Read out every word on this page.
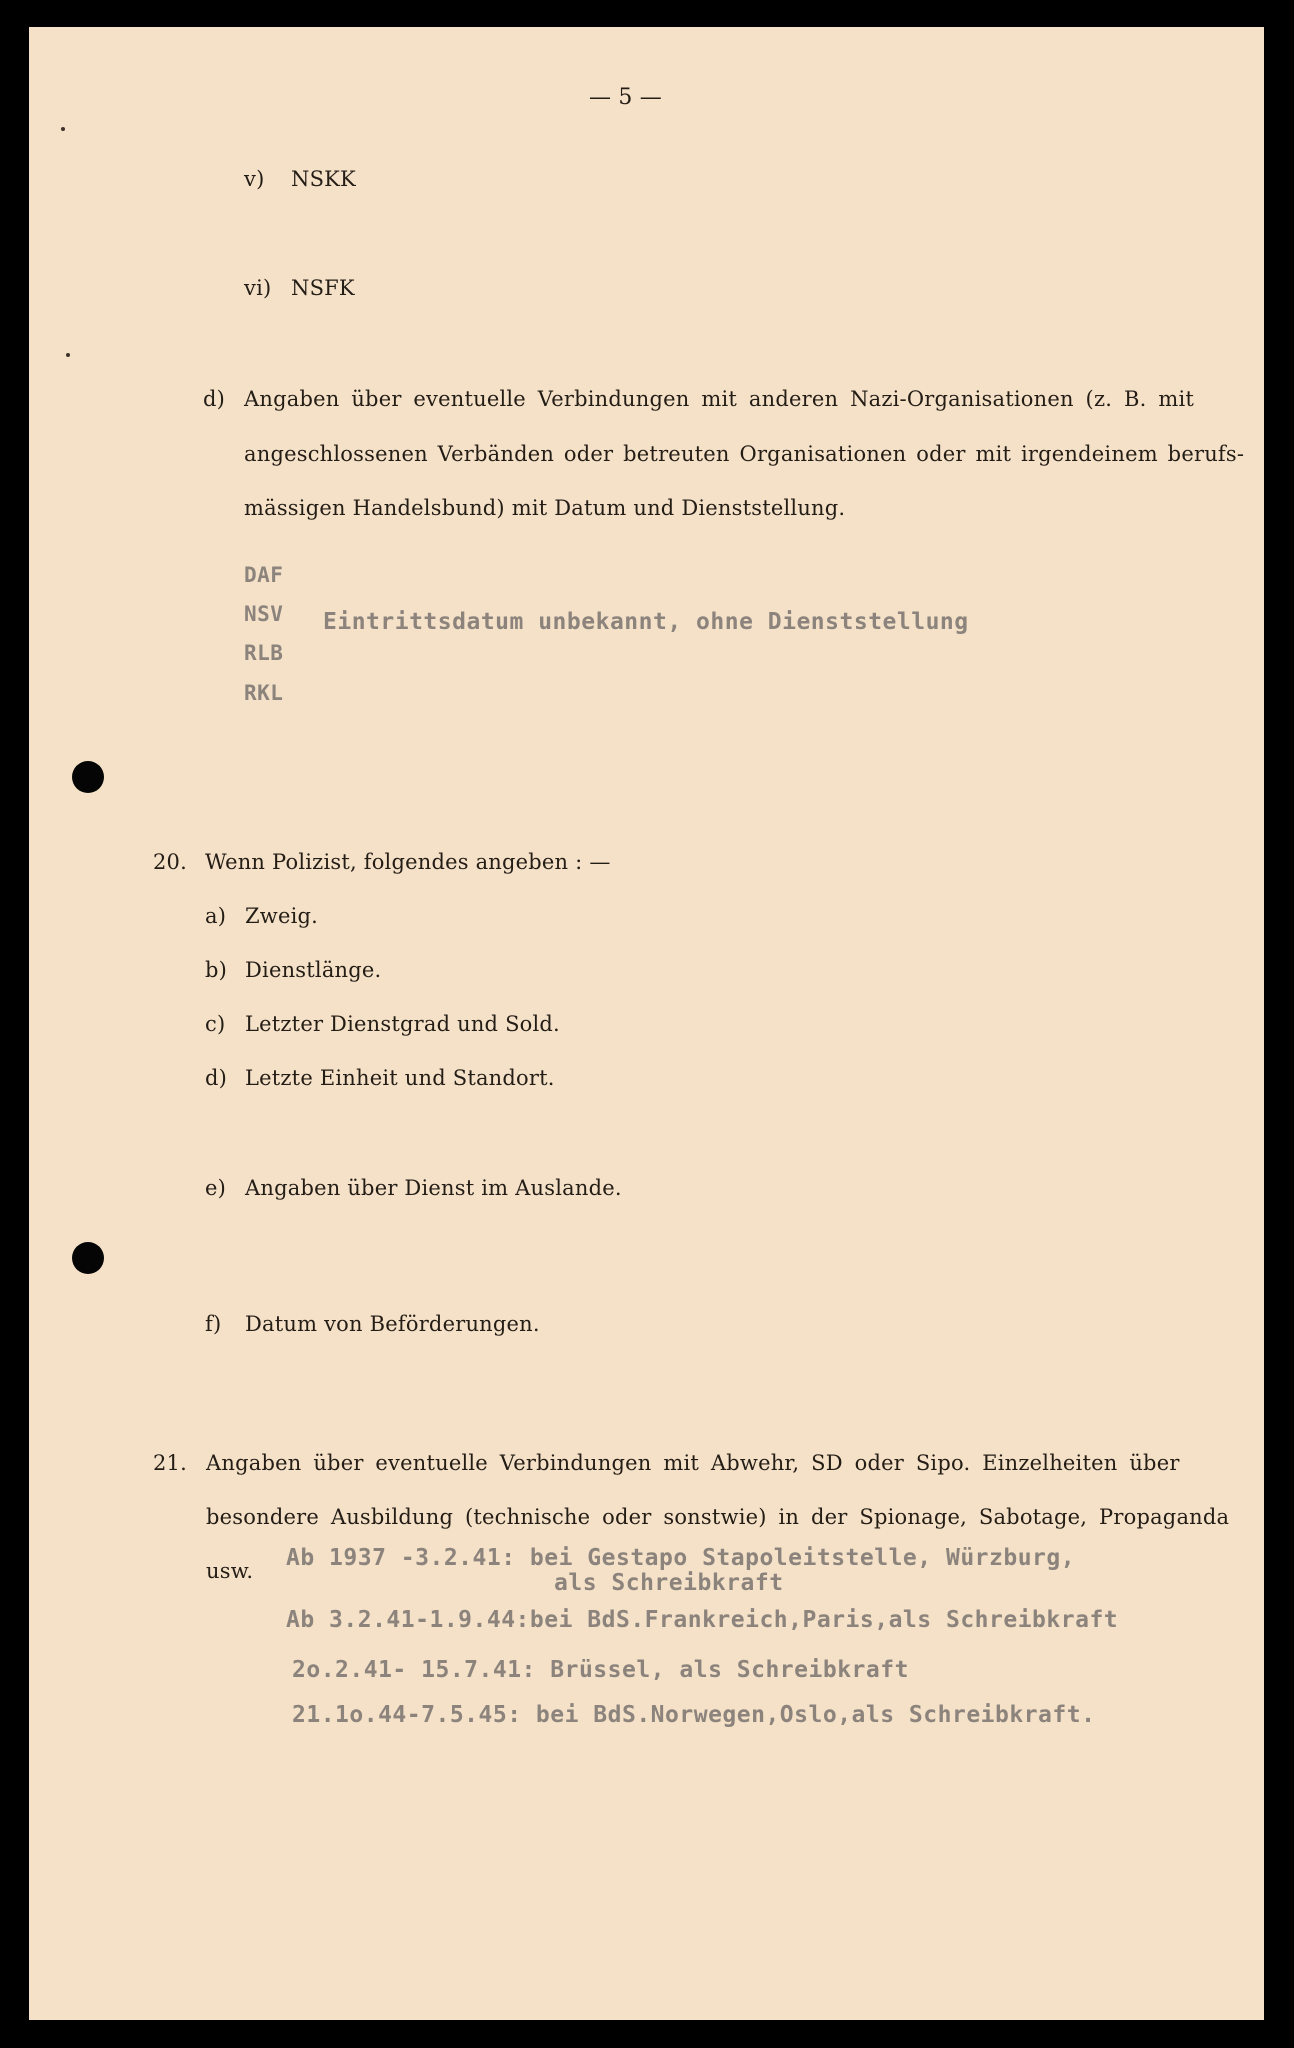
— 5 —
v) NSKK
vi) NSFK
d) Angaben über eventuelle Verbindungen mit anderen Nazi-Organisationen (z. B. mit
angeschlossenen Verbänden oder betreuten Organisationen oder mit irgendeinem berufs-
mässigen Handelsbund) mit Datum und Dienststellung.
DAF
NSV
RLB
RKL
Eintrittsdatum unbekannt, ohne Dienststellung
20. Wenn Polizist, folgendes angeben : —
a) Zweig.
b) Dienstlänge.
c) Letzter Dienstgrad und Sold.
d) Letzte Einheit und Standort.
e) Angaben über Dienst im Auslande.
f) Datum von Beförderungen.
21. Angaben über eventuelle Verbindungen mit Abwehr, SD oder Sipo. Einzelheiten über
besondere Ausbildung (technische oder sonstwie) in der Spionage, Sabotage, Propaganda
usw. Ab 1937 -3.2.41: bei Gestapo Stapoleitstelle, Würzburg,
als Schreibkraft
Ab 3.2.41-1.9.44:bei BdS.Frankreich,Paris,als Schreibkraft
2o.2.41- 15.7.41: Brüssel, als Schreibkraft
21.1o.44-7.5.45: bei BdS.Norwegen,Oslo,als Schreibkraft.
